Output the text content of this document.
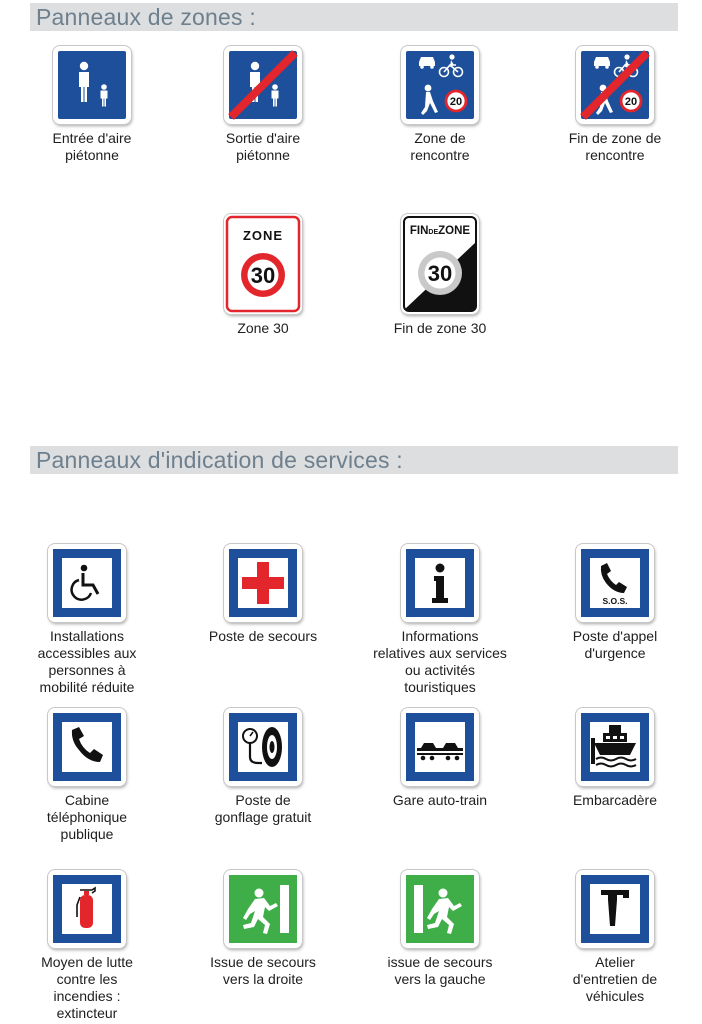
Panneaux de zones :
Entrée d'aire
piétonne
Sortie d'aire
piétonne
20
Zone de
rencontre
20
Fin de zone de
rencontre
ZONE
30
Zone 30
FINDEZONE
30
Fin de zone 30
Panneaux d'indication de services :
Installations
accessibles aux
personnes à
mobilité réduite
Poste de secours	Informations
relatives aux services
ou activités
touristiques
S.O.S.
Poste d'appel
d'urgence
Cabine
téléphonique
publique
Poste de
gonflage gratuit
Gare auto-train	Embarcadère
Moyen de lutte
contre les
incendies :
extincteur
Issue de secours
vers la droite
issue de secours
vers la gauche
Atelier
d'entretien de
véhicules
